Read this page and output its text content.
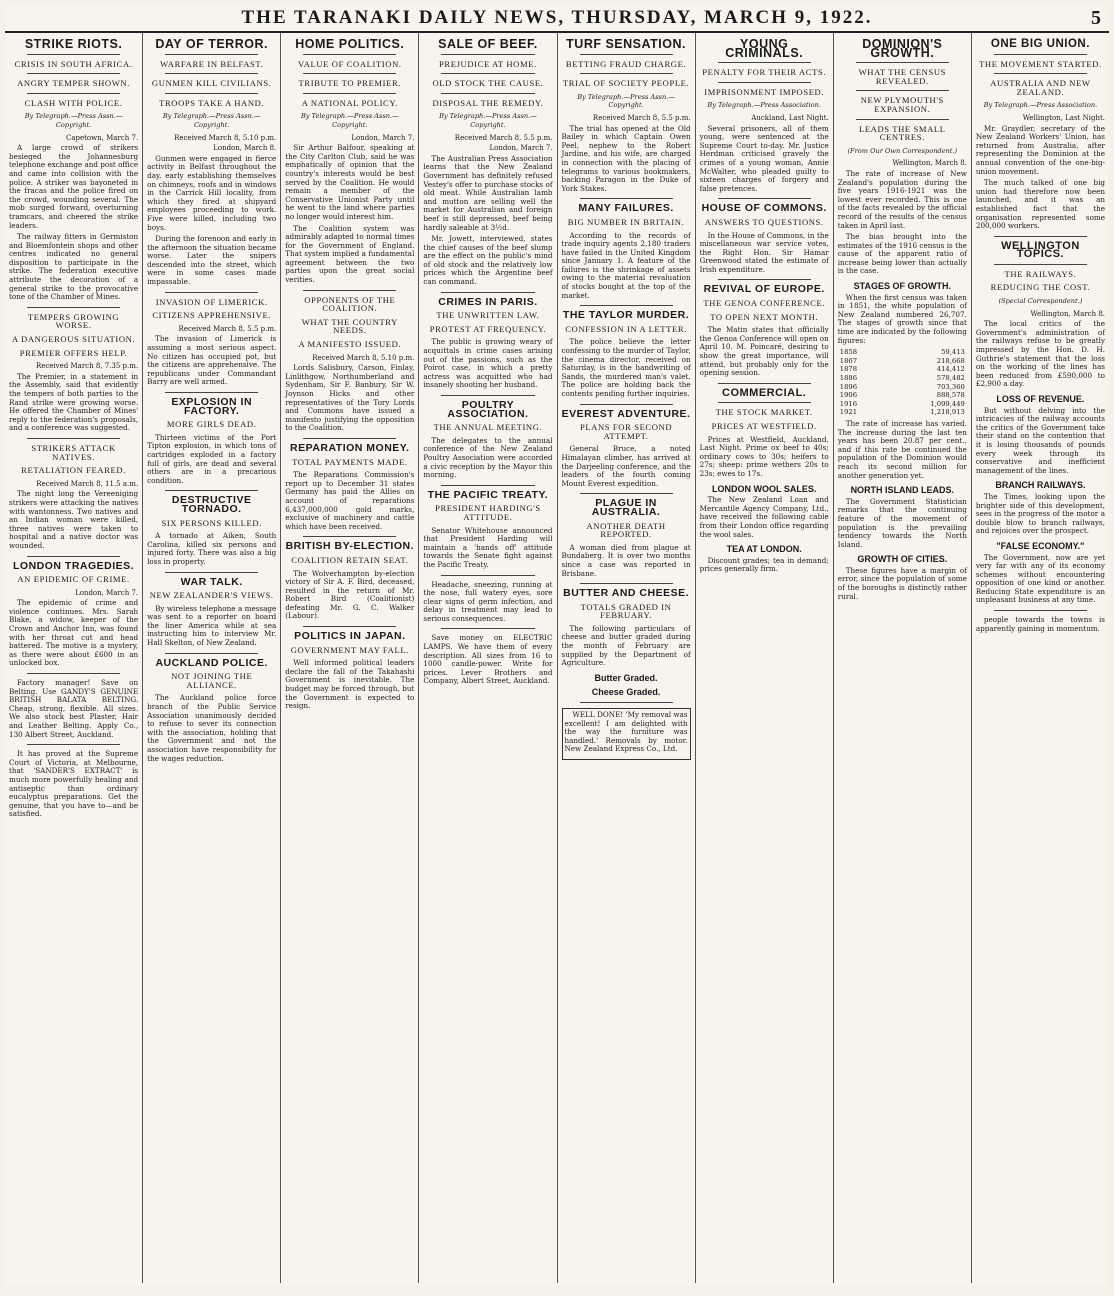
THE TARANAKI DAILY NEWS, THURSDAY, MARCH 9, 1922.	5
STRIKE RIOTS.
CRISIS IN SOUTH AFRICA.
ANGRY TEMPER SHOWN.
CLASH WITH POLICE.
By Telegraph.—Press Assn.—Copyright.
Capetown, March 7.

A large crowd of strikers besieged the Johannesburg telephone exchange and post office and came into collision with the police. A striker was bayoneted in the fracas and the police fired on the crowd, wounding several. The mob surged forward, overturning tramcars, and cheered the strike leaders.

The railway fitters in Germiston and Bloemfontein shops and other centres indicated no general disposition to participate in the strike. The federation executive attribute the decoration of a general strike to the provocative tone of the Chamber of Mines.

TEMPERS GROWING WORSE.
A DANGEROUS SITUATION.
PREMIER OFFERS HELP.
Received March 8, 7.35 p.m.

The Premier, in a statement in the Assembly, said that evidently the tempers of both parties to the Rand strike were growing worse. He offered the Chamber of Mines' reply to the federation's proposals, and a conference was suggested.

STRIKERS ATTACK NATIVES.
RETALIATION FEARED.
Received March 8, 11.5 a.m.

The night long the Vereeniging strikers were attacking the natives with wantonness. Two natives and an Indian woman were killed, three natives were taken to hospital and a native doctor was wounded.

LONDON TRAGEDIES.
AN EPIDEMIC OF CRIME.
London, March 7.

The epidemic of crime and violence continues. Mrs. Sarah Blake, a widow, keeper of the Crown and Anchor Inn, was found with her throat cut and head battered. The motive is a mystery, as there were about £600 in an unlocked box.

Factory manager! Save on Belting. Use GANDY'S GENUINE BRITISH BALATA BELTING. Cheap, strong, flexible. All sizes. We also stock best Plaster, Hair and Leather Belting. Apply Co., 130 Albert Street, Auckland.

It has proved at the Supreme Court of Victoria, at Melbourne, that 'SANDER'S EXTRACT' is much more powerfully healing and antiseptic than ordinary eucalyptus preparations. Get the genuine, that you have to—and be satisfied.

DAY OF TERROR.
WARFARE IN BELFAST.
GUNMEN KILL CIVILIANS.
TROOPS TAKE A HAND.
By Telegraph.—Press Assn.—Copyright.
Received March 8, 5.10 p.m.
London, March 8.

Gunmen were engaged in fierce activity in Belfast throughout the day, early establishing themselves on chimneys, roofs and in windows in the Carrick Hill locality, from which they fired at shipyard employees proceeding to work. Five were killed, including two boys.

During the forenoon and early in the afternoon the situation became worse. Later the snipers descended into the street, which were in some cases made impassable.

INVASION OF LIMERICK.
CITIZENS APPREHENSIVE.
Received March 8, 5.5 p.m.

The invasion of Limerick is assuming a most serious aspect. No citizen has occupied pot, but the citizens are apprehensive. The republicans under Commandant Barry are well armed.

EXPLOSION IN FACTORY.
MORE GIRLS DEAD.

Thirteen victims of the Port Tipton explosion, in which tons of cartridges exploded in a factory full of girls, are dead and several others are in a precarious condition.

DESTRUCTIVE TORNADO.
SIX PERSONS KILLED.

A tornado at Aiken, South Carolina, killed six persons and injured forty. There was also a big loss in property.

WAR TALK.
NEW ZEALANDER'S VIEWS.

By wireless telephone a message was sent to a reporter on board the liner America while at sea instructing him to interview Mr. Hall Skelton, of New Zealand.

AUCKLAND POLICE.
NOT JOINING THE ALLIANCE.

The Auckland police force branch of the Public Service Association unanimously decided to refuse to sever its connection with the association, holding that the Government and not the association have responsibility for the wages reduction.

HOME POLITICS.
VALUE OF COALITION.
TRIBUTE TO PREMIER.
A NATIONAL POLICY.
By Telegraph.—Press Assn.—Copyright.
London, March 7.

Sir Arthur Balfour, speaking at the City Carlton Club, said he was emphatically of opinion that the country's interests would be best served by the Coalition. He would remain a member of the Conservative Unionist Party until he went to the land where parties no longer would interest him.

The Coalition system was admirably adapted to normal times for the Government of England. That system implied a fundamental agreement between the two parties upon the great social verities.

OPPONENTS OF THE COALITION.
WHAT THE COUNTRY NEEDS.
A MANIFESTO ISSUED.
Received March 8, 5.10 p.m.

Lords Salisbury, Carson, Finlay, Linlithgow, Northumberland and Sydenham, Sir F. Banbury, Sir W. Joynson Hicks and other representatives of the Tory Lords and Commons have issued a manifesto justifying the opposition to the Coalition.

REPARATION MONEY.
TOTAL PAYMENTS MADE.

The Reparations Commission's report up to December 31 states Germany has paid the Allies on account of reparations 6,437,000,000 gold marks, exclusive of machinery and cattle which have been received.

BRITISH BY-ELECTION.
COALITION RETAIN SEAT.

The Wolverhampton by-election victory of Sir A. F. Bird, deceased, resulted in the return of Mr. Robert Bird (Coalitionist) defeating Mr. G. C. Walker (Labour).

POLITICS IN JAPAN.
GOVERNMENT MAY FALL.

Well informed political leaders declare the fall of the Takahashi Government is inevitable. The budget may be forced through, but the Government is expected to resign.

SALE OF BEEF.
PREJUDICE AT HOME.
OLD STOCK THE CAUSE.
DISPOSAL THE REMEDY.
By Telegraph.—Press Assn.—Copyright.
Received March 8, 5.5 p.m.
London, March 7.

The Australian Press Association learns that the New Zealand Government has definitely refused Vestey's offer to purchase stocks of old meat. While Australian lamb and mutton are selling well the market for Australian and foreign beef is still depressed, beef being hardly saleable at 3½d.

Mr. Jowett, interviewed, states the chief causes of the beef slump are the effect on the public's mind of old stock and the relatively low prices which the Argentine beef can command.

CRIMES IN PARIS.
THE UNWRITTEN LAW.
PROTEST AT FREQUENCY.

The public is growing weary of acquittals in crime cases arising out of the passions, such as the Poirot case, in which a pretty actress was acquitted who had insanely shooting her husband.

POULTRY ASSOCIATION.
THE ANNUAL MEETING.

The delegates to the annual conference of the New Zealand Poultry Association were accorded a civic reception by the Mayor this morning.

THE PACIFIC TREATY.
PRESIDENT HARDING'S ATTITUDE.

Senator Whitehouse announced that President Harding will maintain a 'hands off' attitude towards the Senate fight against the Pacific Treaty.

Headache, sneezing, running at the nose, full watery eyes, sore clear signs of germ infection, and delay in treatment may lead to serious consequences.

Save money on ELECTRIC LAMPS. We have them of every description. All sizes from 16 to 1000 candle-power. Write for prices. Lever Brothers and Company, Albert Street, Auckland.

TURF SENSATION.
BETTING FRAUD CHARGE.
TRIAL OF SOCIETY PEOPLE.
By Telegraph.—Press Assn.—Copyright.
Received March 8, 5.5 p.m.

The trial has opened at the Old Bailey in which Captain Owen Peel, nephew to the Robert Jardine, and his wife, are charged in connection with the placing of telegrams to various bookmakers, backing Paragon in the Duke of York Stakes.

MANY FAILURES.
BIG NUMBER IN BRITAIN.

According to the records of trade inquiry agents 2,180 traders have failed in the United Kingdom since January 1. A feature of the failures is the shrinkage of assets owing to the material revaluation of stocks bought at the top of the market.

THE TAYLOR MURDER.
CONFESSION IN A LETTER.

The police believe the letter confessing to the murder of Taylor, the cinema director, received on Saturday, is in the handwriting of Sands, the murdered man's valet. The police are holding back the contents pending further inquiries.

EVEREST ADVENTURE.
PLANS FOR SECOND ATTEMPT.

General Bruce, a noted Himalayan climber, has arrived at the Darjeeling conference, and the leaders of the fourth coming Mount Everest expedition.

PLAGUE IN AUSTRALIA.
ANOTHER DEATH REPORTED.

A woman died from plague at Bundaberg. It is over two months since a case was reported in Brisbane.

BUTTER AND CHEESE.
TOTALS GRADED IN FEBRUARY.

The following particulars of cheese and butter graded during the month of February are supplied by the Department of Agriculture.

Butter Graded.
Cheese Graded.

WELL DONE! 'My removal was excellent! I am delighted with the way the furniture was handled.' Removals by motor. New Zealand Express Co., Ltd.

YOUNG CRIMINALS.
PENALTY FOR THEIR ACTS.
IMPRISONMENT IMPOSED.
By Telegraph.—Press Association.
Auckland, Last Night.

Several prisoners, all of them young, were sentenced at the Supreme Court to-day. Mr. Justice Herdman criticised gravely the crimes of a young woman, Annie McWalter, who pleaded guilty to sixteen charges of forgery and false pretences.

HOUSE OF COMMONS.
ANSWERS TO QUESTIONS.

In the House of Commons, in the miscellaneous war service votes, the Right Hon. Sir Hamar Greenwood stated the estimate of Irish expenditure.

REVIVAL OF EUROPE.
THE GENOA CONFERENCE.
TO OPEN NEXT MONTH.

The Matin states that officially the Genoa Conference will open on April 10. M. Poincaré, desiring to show the great importance, will attend, but probably only for the opening session.

COMMERCIAL.
THE STOCK MARKET.
PRICES AT WESTFIELD.

Prices at Westfield, Auckland, Last Night. Prime ox beef to 40s; ordinary cows to 30s; heifers to 27s; sheep: prime wethers 20s to 23s; ewes to 17s.

LONDON WOOL SALES.

The New Zealand Loan and Mercantile Agency Company, Ltd., have received the following cable from their London office regarding the wool sales.

TEA AT LONDON.

Discount grades; tea in demand; prices generally firm.

DOMINION'S GROWTH.
WHAT THE CENSUS REVEALED.
NEW PLYMOUTH'S EXPANSION.
LEADS THE SMALL CENTRES.
(From Our Own Correspondent.)
Wellington, March 8.

The rate of increase of New Zealand's population during the five years 1916-1921 was the lowest ever recorded. This is one of the facts revealed by the official record of the results of the census taken in April last.

The bias brought into the estimates of the 1916 census is the cause of the apparent ratio of increase being lower than actually is the case.

STAGES OF GROWTH.

When the first census was taken in 1851, the white population of New Zealand numbered 26,707. The stages of growth since that time are indicated by the following figures:

1858	59,413
1867	218,668
1878	414,412
1886	578,482
1896	703,360
1906	888,578
1916	1,099,449
1921	1,218,913

The rate of increase has varied. The increase during the last ten years has been 20.87 per cent., and if this rate be continued the population of the Dominion would reach its second million for another generation yet.

NORTH ISLAND LEADS.

The Government Statistician remarks that the continuing feature of the movement of population is the prevailing tendency towards the North Island.

GROWTH OF CITIES.

These figures have a margin of error, since the population of some of the boroughs is distinctly rather rural.

ONE BIG UNION.
THE MOVEMENT STARTED.
AUSTRALIA AND NEW ZEALAND.
By Telegraph.—Press Association.
Wellington, Last Night.

Mr. Graydler, secretary of the New Zealand Workers' Union, has returned from Australia, after representing the Dominion at the annual convention of the one-big-union movement.

The much talked of one big union had therefore now been launched, and it was an established fact that the organisation represented some 200,000 workers.

WELLINGTON TOPICS.
THE RAILWAYS.
REDUCING THE COST.
(Special Correspondent.)
Wellington, March 8.

The local critics of the Government's administration of the railways refuse to be greatly impressed by the Hon. D. H. Guthrie's statement that the loss on the working of the lines has been reduced from £590,000 to £2,900 a day.

LOSS OF REVENUE.

But without delving into the intricacies of the railway accounts the critics of the Government take their stand on the contention that it is losing thousands of pounds every week through its conservative and inefficient management of the lines.

BRANCH RAILWAYS.

The Times, looking upon the brighter side of this development, sees in the progress of the motor a double blow to branch railways, and rejoices over the prospect.

"FALSE ECONOMY."

The Government, now are yet very far with any of its economy schemes without encountering opposition of one kind or another. Reducing State expenditure is an unpleasant business at any time.

people towards the towns is apparently gaining in momentum.
